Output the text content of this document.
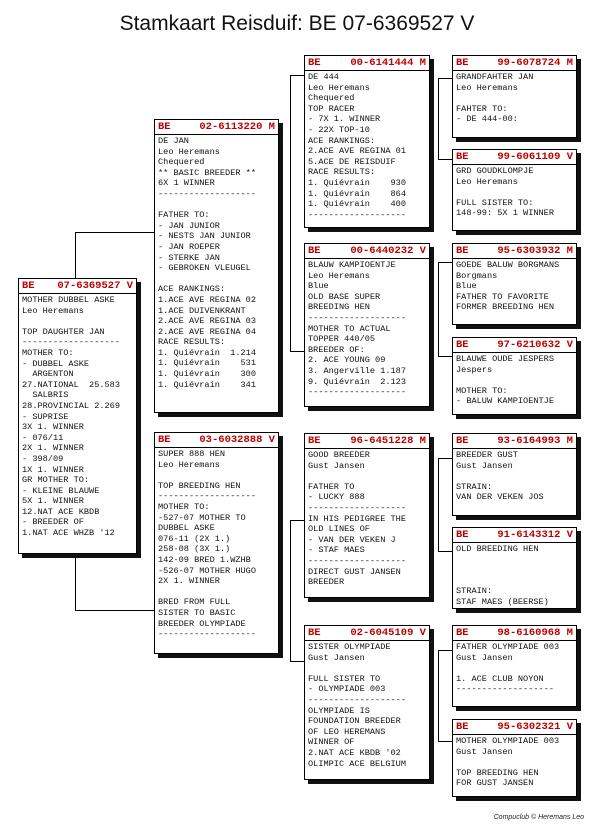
Stamkaart Reisduif: BE 07-6369527 V
BE 07-6369527 V
MOTHER DUBBEL ASKE
Leo Heremans
TOP DAUGHTER JAN
-------------------
MOTHER TO:
- DUBBEL ASKE
ARGENTON
27.NATIONAL  25.583
SALBRIS
28.PROVINCIAL 2.269
- SUPRISE
3X 1. WINNER
- 076/11
2X 1. WINNER
- 398/09
1X 1. WINNER
GR MOTHER TO:
- KLEINE BLAUWE
5X 1. WINNER
12.NAT ACE KBDB
- BREEDER OF
1.NAT ACE WHZB '12
BE	02-6113220 M
DE JAN
Leo Heremans
Chequered
** BASIC BREEDER **
6X 1 WINNER
-------------------
FATHER TO:
- JAN JUNIOR
- NESTS JAN JUNIOR
- JAN ROEPER
- STERKE JAN
- GEBROKEN VLEUGEL
ACE RANKINGS:
1.ACE AVE REGINA 02
1.ACE DUIVENKRANT
2.ACE AVE REGINA 03
2.ACE AVE REGINA 04
RACE RESULTS:
1. Quiévrain  1.214
1. Quiévrain    531
1. Quiévrain    300
1. Quiévrain    341
BE	03-6032888 V
SUPER 888 HEN
Leo Heremans
TOP BREEDING HEN
-------------------
MOTHER TO:
-527-07 MOTHER TO
DUBBEL ASKE
076-11 (2X 1.)
258-08 (3X 1.)
142-09 BRED 1.WZHB
-526-07 MOTHER HUGO
2X 1. WINNER
BRED FROM FULL
SISTER TO BASIC
BREEDER OLYMPIADE
-------------------
BE	00-6141444 M
DE 444
Leo Heremans
Chequered
TOP RACER
- 7X 1. WINNER
- 22X TOP-10
ACE RANKINGS:
2.ACE AVE REGINA 01
5.ACE DE REISDUIF
RACE RESULTS:
1. Quiévrain    930
1. Quiévrain    864
1. Quiévrain    400
-------------------
BE	00-6440232 V
BLAUW KAMPIOENTJE
Leo Heremans
Blue
OLD BASE SUPER
BREEDING HEN
-------------------
MOTHER TO ACTUAL
TOPPER 440/05
BREEDER OF:
2. ACE YOUNG 09
3. Angerville 1.187
9. Quiévrain  2.123
-------------------
BE	96-6451228 M
GOOD BREEDER
Gust Jansen
FATHER TO
- LUCKY 888
-------------------
IN HIS PEDIGREE THE
OLD LINES OF
- VAN DER VEKEN J
- STAF MAES
-------------------
DIRECT GUST JANSEN
BREEDER
BE	02-6045109 V
SISTER OLYMPIADE
Gust Jansen
FULL SISTER TO
- OLYMPIADE 003
-------------------
OLYMPIADE IS
FOUNDATION BREEDER
OF LEO HEREMANS
WINNER OF
2.NAT ACE KBDB '02
OLIMPIC ACE BELGIUM
BE	99-6078724 M
GRANDFAHTER JAN
Leo Heremans
FAHTER TO:
- DE 444-00:
BE	99-6061109 V
GRD GOUDKLOMPJE
Leo Heremans
FULL SISTER TO:
148-99: 5X 1 WINNER
BE	95-6303932 M
GOEDE BALUW BORGMANS
Borgmans
Blue
FATHER TO FAVORITE
FORMER BREEDING HEN
BE	97-6210632 V
BLAUWE OUDE JESPERS
Jespers
MOTHER TO:
- BALUW KAMPIOENTJE
BE	93-6164993 M
BREEDER GUST
Gust Jansen
STRAIN:
VAN DER VEKEN JOS
BE	91-6143312 V
OLD BREEDING HEN
STRAIN:
STAF MAES (BEERSE)
BE	98-6160968 M
FATHER OLYMPIADE 003
Gust Jansen
1. ACE CLUB NOYON
-------------------
BE	95-6302321 V
MOTHER OLYMPIADE 003
Gust Jansen
TOP BREEDING HEN
FOR GUST JANSEN
Compuclub © Heremans Leo
